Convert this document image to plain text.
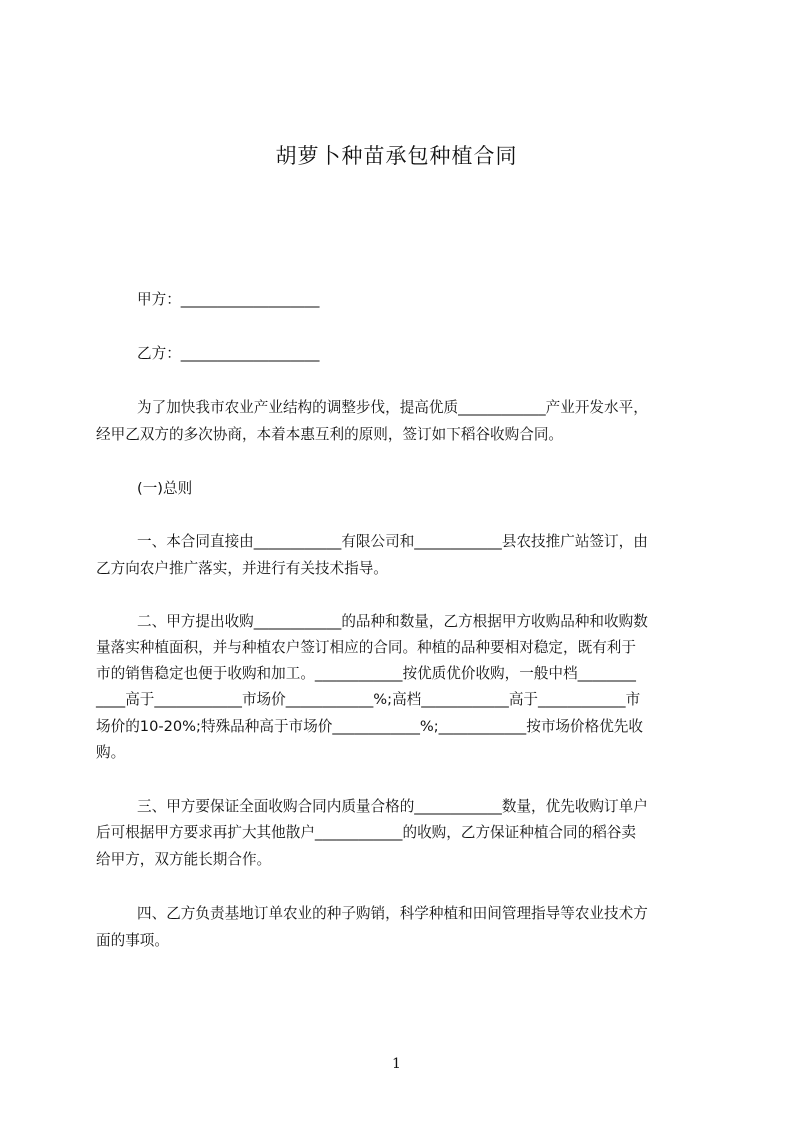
胡萝卜种苗承包种植合同
甲方：___________________
乙方：___________________
为了加快我市农业产业结构的调整步伐，提高优质____________产业开发水平，
经甲乙双方的多次协商，本着本惠互利的原则，签订如下稻谷收购合同。
(一)总则
一、本合同直接由____________有限公司和____________县农技推广站签订，由
乙方向农户推广落实，并进行有关技术指导。
二、甲方提出收购____________的品种和数量，乙方根据甲方收购品种和收购数
量落实种植面积，并与种植农户签订相应的合同。种植的品种要相对稳定，既有利于
市的销售稳定也便于收购和加工。____________按优质优价收购，一般中档________
____高于____________市场价____________%;高档____________高于____________市
场价的10-20%;特殊品种高于市场价____________%;____________按市场价格优先收
购。
三、甲方要保证全面收购合同内质量合格的____________数量，优先收购订单户
后可根据甲方要求再扩大其他散户____________的收购，乙方保证种植合同的稻谷卖
给甲方，双方能长期合作。
四、乙方负责基地订单农业的种子购销，科学种植和田间管理指导等农业技术方
面的事项。
1
